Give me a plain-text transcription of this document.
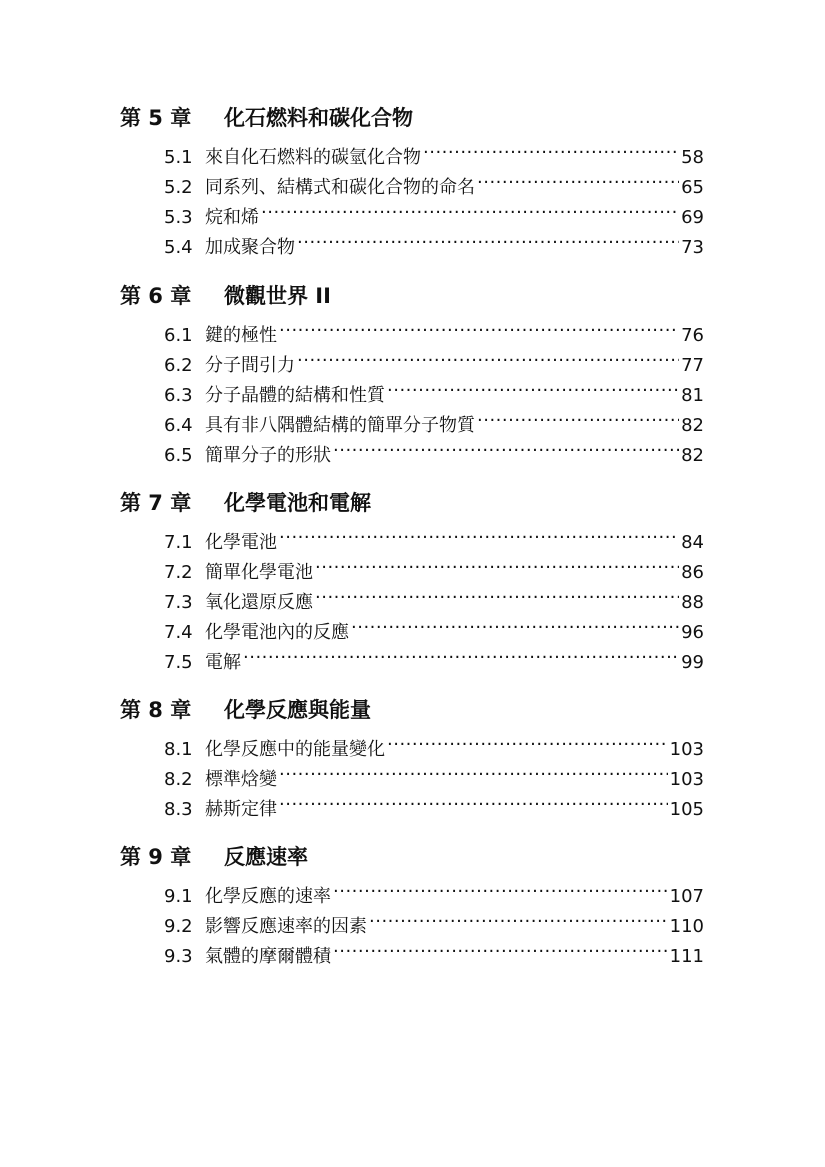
第 5 章 化石燃料和碳化合物
5.1 來自化石燃料的碳氫化合物 .....	58
5.2 同系列、結構式和碳化合物的命名 .....	65
5.3 烷和烯 .....	69
5.4 加成聚合物 .....	73
第 6 章 微觀世界 II
6.1 鍵的極性 .....	76
6.2 分子間引力 .....	77
6.3 分子晶體的結構和性質 .....	81
6.4 具有非八隅體結構的簡單分子物質 .....	82
6.5 簡單分子的形狀 .....	82
第 7 章 化學電池和電解
7.1 化學電池 .....	84
7.2 簡單化學電池 .....	86
7.3 氧化還原反應 .....	88
7.4 化學電池內的反應 .....	96
7.5 電解 .....	99
第 8 章 化學反應與能量
8.1 化學反應中的能量變化 .....	103
8.2 標準焓變 .....	103
8.3 赫斯定律 .....	105
第 9 章 反應速率
9.1 化學反應的速率 .....	107
9.2 影響反應速率的因素 .....	110
9.3 氣體的摩爾體積 .....	111
